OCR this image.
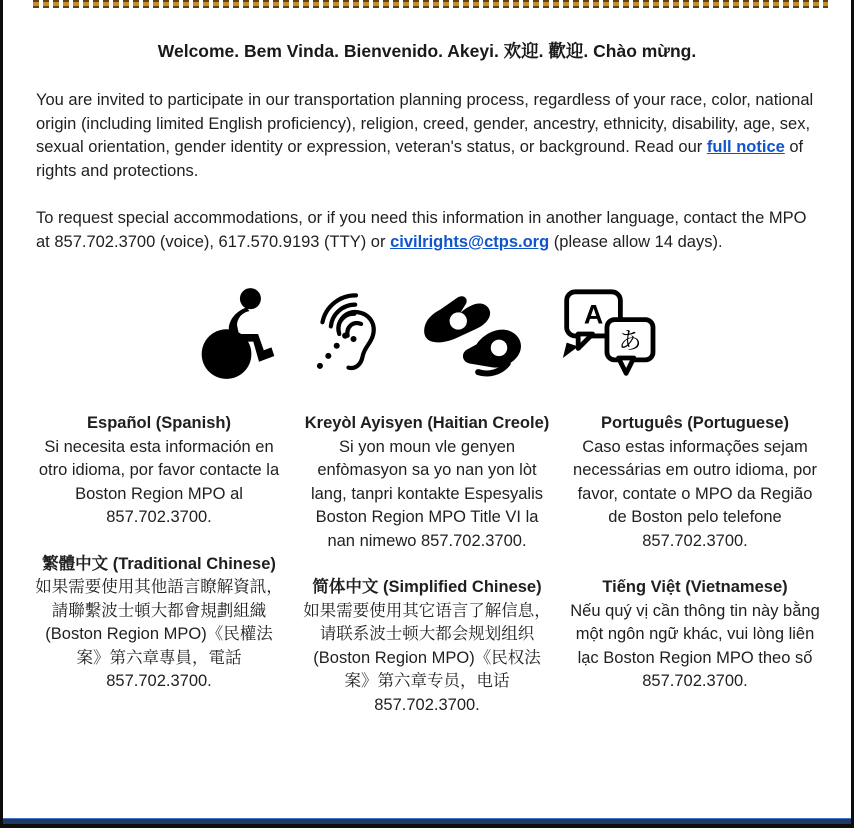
Welcome. Bem Vinda. Bienvenido. Akeyi. 欢迎. 歡迎. Chào mừng.

You are invited to participate in our transportation planning process, regardless of your race, color, national origin (including limited English proficiency), religion, creed, gender, ancestry, ethnicity, disability, age, sex, sexual orientation, gender identity or expression, veteran's status, or background. Read our full notice of rights and protections.

To request special accommodations, or if you need this information in another language, contact the MPO at 857.702.3700 (voice), 617.570.9193 (TTY) or civilrights@ctps.org (please allow 14 days).

A
あ
Español (Spanish)
Si necesita esta información en otro idioma, por favor contacte la Boston Region MPO al 857.702.3700.
繁體中文 (Traditional Chinese)
如果需要使用其他語言瞭解資訊，請聯繫波士頓大都會規劃組織 (Boston Region MPO)《民權法案》第六章專員，電話 857.702.3700.
Kreyòl Ayisyen (Haitian Creole)
Si yon moun vle genyen enfòmasyon sa yo nan yon lòt lang, tanpri kontakte Espesyalis Boston Region MPO Title VI la nan nimewo 857.702.3700.
简体中文 (Simplified Chinese)
如果需要使用其它语言了解信息，请联系波士顿大都会规划组织 (Boston Region MPO)《民权法案》第六章专员，电话 857.702.3700.
Português (Portuguese)
Caso estas informações sejam necessárias em outro idioma, por favor, contate o MPO da Região de Boston pelo telefone 857.702.3700.
Tiếng Việt (Vietnamese)
Nếu quý vị cần thông tin này bằng một ngôn ngữ khác, vui lòng liên lạc Boston Region MPO theo số 857.702.3700.
